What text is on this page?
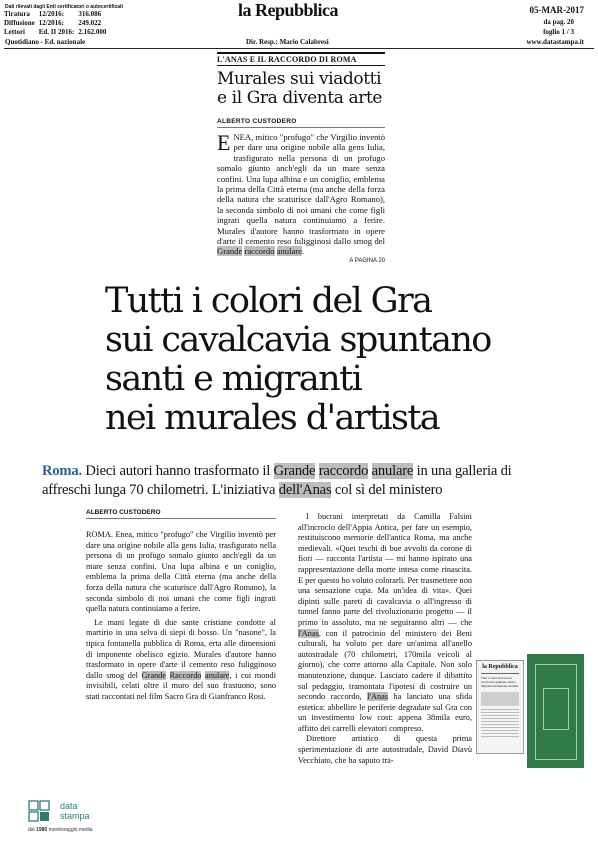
Dati rilevati dagli Enti certificatori o autocertificati
Tiratura	12/2016:	316.086
Diffusione	12/2016:	249.022
Lettori	Ed. II 2016:	2.162.000
Quotidiano - Ed. nazionale
la Repubblica
Dir. Resp.: Mario Calabresi
05-MAR-2017
da pag. 20
foglio 1 / 3
www.datastampa.it
L'ANAS E IL RACCORDO DI ROMA
Murales sui viadotti
e il Gra diventa arte
ALBERTO CUSTODERO
ENEA, mitico "profugo" che Virgilio inventò per dare una origine nobile alla gens Iulia, trasfigurato nella persona di un profugo somalo giunto anch'egli da un mare senza confini. Una lupa albina e un coniglio, emblema la prima della Città eterna (ma anche della forza della natura che scaturisce dall'Agro Romano), la seconda simbolo di noi umani che come figli ingrati quella natura continuiamo a ferire. Murales d'autore hanno trasformato in opere d'arte il cemento reso fuligginosi dallo smog del Grande raccordo anulare.
A PAGINA 20
Tutti i colori del Gra
sui cavalcavia spuntano
santi e migranti
nei murales d'artista
Roma. Dieci autori hanno trasformato il Grande raccordo anulare in una galleria di affreschi lunga 70 chilometri. L'iniziativa dell'Anas col sì del ministero
ALBERTO CUSTODERO

ROMA. Enea, mitico "profugo" che Virgilio inventò per dare una origine nobile alla gens Iulia, trasfigurato nella persona di un profugo somalo giunto anch'egli da un mare senza confini. Una lupa albina e un coniglio, emblema la prima della Città eterna (ma anche della forza della natura che scaturisce dall'Agro Romano), la seconda simbolo di noi umani che come figli ingrati quella natura continuiamo a ferire.

Le mani legate di due sante cristiane condotte al martirio in una selva di siepi di bosso. Un "nasone", la tipica fontanella pubblica di Roma, erta alle dimensioni di imponente obelisco egizio. Murales d'autore hanno trasformato in opere d'arte il cemento reso fuligginoso dallo smog del Grande Raccordo anulare, i cui mondi invisibili, celati oltre il muro del suo frastuono, sono stati raccontati nel film Sacro Gra di Gianfranco Rosi.

I bucrani interpretati da Camilla Falsini all'incrocio dell'Appia Antica, per fare un esempio, restituiscono memorie dell'antica Roma, ma anche medievali. «Quei teschi di bue avvolti da corone di fiori — racconta l'artista — mi hanno ispirato una rappresentazione della morte intesa come rinascita. E per questo ho voluto colorarli. Per trasmettere non una sensazione cupa. Ma un'idea di vita». Quei dipinti sulle pareti di cavalcavia o all'ingresso di tunnel fanno parte del rivoluzionario progetto — il primo in assoluto, ma ne seguiranno altri — che l'Anas, con il patrocinio del ministero dei Beni culturali, ha voluto per dare un'anima all'anello autostradale (70 chilometri, 170mila veicoli al giorno), che corre attorno alla Capitale. Non solo manutenzione, dunque. Lasciato cadere il dibattito sul pedaggio, tramontata l'ipotesi di costruire un secondo raccordo, l'Anas ha lanciato una sfida estetica: abbellire le periferie degradate sul Gra con un investimento low cost: appena 38mila euro, affitto dei carrelli elevatori compreso.

Direttore artistico di questa prima sperimentazione di arte autostradale, David Diavù Vecchiato, che ha saputo tra-

la Repubblica
Tutti i colori del Gra sui cavalcavia spuntano santi e migranti nei murales d'artista
data
stampa
dal 1980 monitoraggio media
